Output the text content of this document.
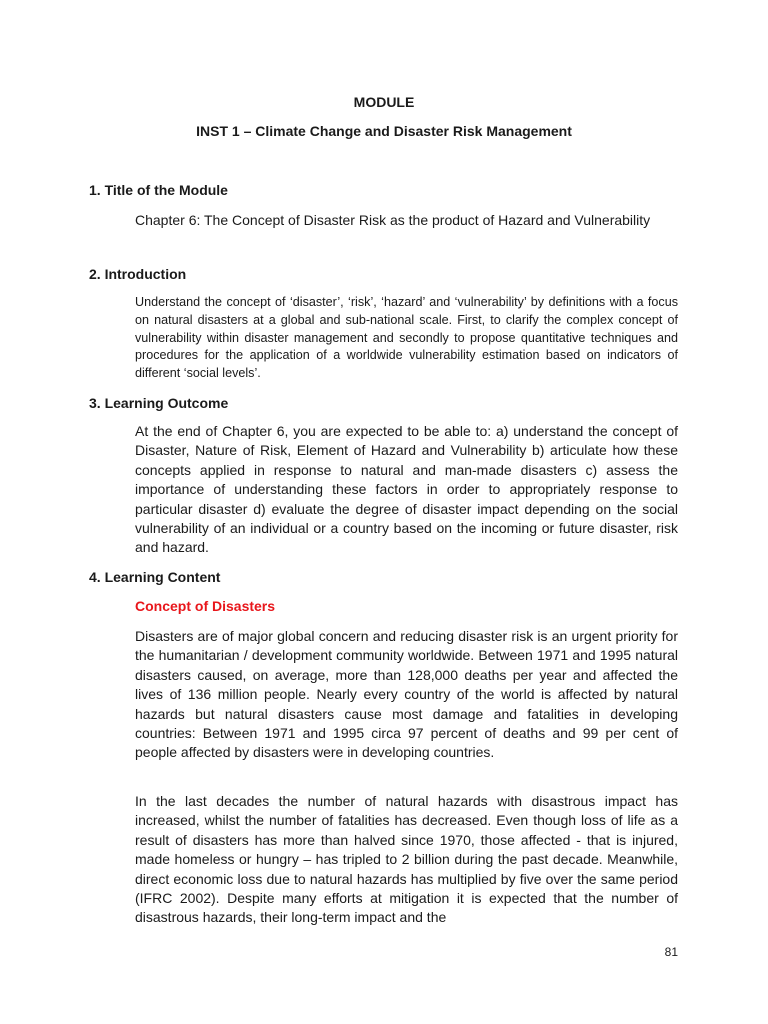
MODULE
INST 1 – Climate Change and Disaster Risk Management
1. Title of the Module

Chapter 6: The Concept of Disaster Risk as the product of Hazard and Vulnerability

2. Introduction

Understand the concept of ‘disaster’, ‘risk’, ‘hazard’ and ‘vulnerability’ by definitions with a focus on natural disasters at a global and sub-national scale. First, to clarify the complex concept of vulnerability within disaster management and secondly to propose quantitative techniques and procedures for the application of a worldwide vulnerability estimation based on indicators of different ‘social levels’.

3. Learning Outcome

At the end of Chapter 6, you are expected to be able to: a) understand the concept of Disaster, Nature of Risk, Element of Hazard and Vulnerability b) articulate how these concepts applied in response to natural and man-made disasters c) assess the importance of understanding these factors in order to appropriately response to particular disaster d) evaluate the degree of disaster impact depending on the social vulnerability of an individual or a country based on the incoming or future disaster, risk and hazard.

4. Learning Content
Concept of Disasters

Disasters are of major global concern and reducing disaster risk is an urgent priority for the humanitarian / development community worldwide. Between 1971 and 1995 natural disasters caused, on average, more than 128,000 deaths per year and affected the lives of 136 million people. Nearly every country of the world is affected by natural hazards but natural disasters cause most damage and fatalities in developing countries: Between 1971 and 1995 circa 97 percent of deaths and 99 per cent of people affected by disasters were in developing countries.

In the last decades the number of natural hazards with disastrous impact has increased, whilst the number of fatalities has decreased. Even though loss of life as a result of disasters has more than halved since 1970, those affected - that is injured, made homeless or hungry – has tripled to 2 billion during the past decade. Meanwhile, direct economic loss due to natural hazards has multiplied by five over the same period (IFRC 2002). Despite many efforts at mitigation it is expected that the number of disastrous hazards, their long-term impact and the

81
